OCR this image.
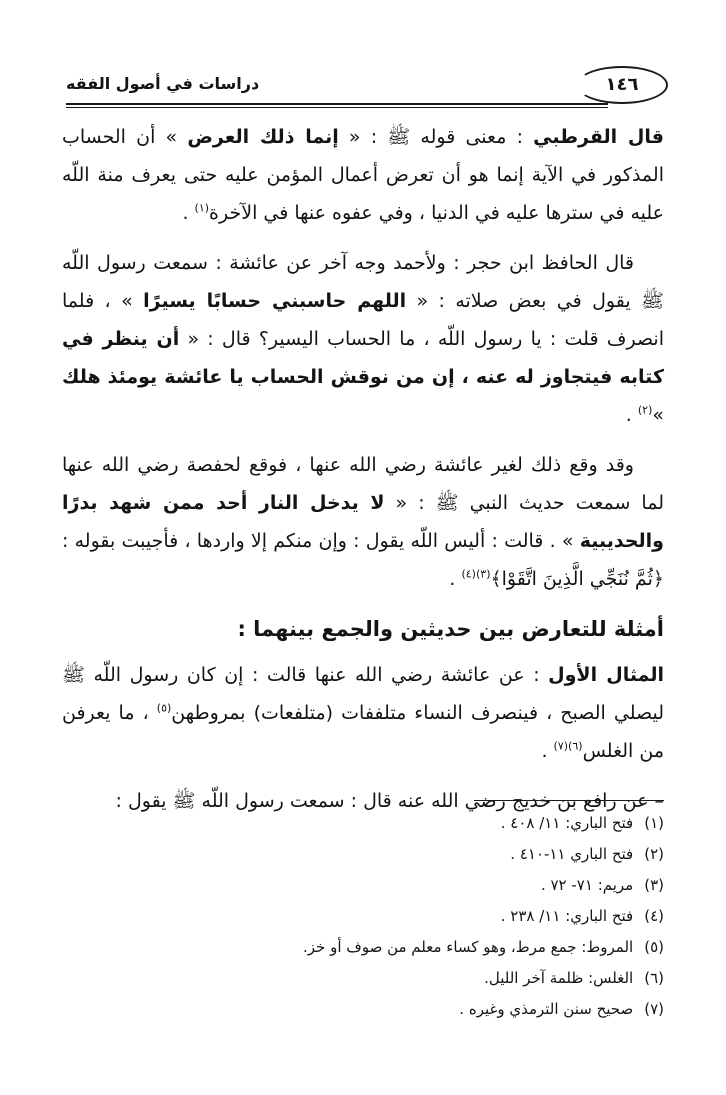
١٤٦
دراسات في أصول الفقه

قال القرطبي : معنى قوله ﷺ : « إنما ذلك العرض » أن الحساب المذكور في الآية إنما هو أن تعرض أعمال المؤمن عليه حتى يعرف منة اللّه عليه في سترها عليه في الدنيا ، وفي عفوه عنها في الآخرة$^{(١)}$ .

قال الحافظ ابن حجر : ولأحمد وجه آخر عن عائشة : سمعت رسول اللّه ﷺ يقول في بعض صلاته : « اللهم حاسبني حسابًا يسيرًا » ، فلما انصرف قلت : يا رسول اللّه ، ما الحساب اليسير؟ قال : « أن ينظر في كتابه فيتجاوز له عنه ، إن من نوقش الحساب يا عائشة يومئذ هلك »$^{(٢)}$ .

وقد وقع ذلك لغير عائشة رضي الله عنها ، فوقع لحفصة رضي الله عنها لما سمعت حديث النبي ﷺ : « لا يدخل النار أحد ممن شهد بدرًا والحديبية » . قالت : أليس اللّه يقول : وإن منكم إلا واردها ، فأجيبت بقوله : ﴿ثُمَّ نُنَجِّي الَّذِينَ اتَّقَوْا﴾$^{(٣)(٤)}$ .

أمثلة للتعارض بين حديثين والجمع بينهما :

المثال الأول : عن عائشة رضي الله عنها قالت : إن كان رسول اللّه ﷺ ليصلي الصبح ، فينصرف النساء متلففات (متلفعات) بمروطهن$^{(٥)}$ ، ما يعرفن من الغلس$^{(٦)(٧)}$ .

– عن رافع بن خديج رضي الله عنه قال : سمعت رسول اللّه ﷺ يقول :

(١) فتح الباري: ١١/ ٤٠٨ .

(٢) فتح الباري ١١-٤١٠ .

(٣) مريم: ٧١- ٧٢ .

(٤) فتح الباري: ١١/ ٢٣٨ .

(٥) المروط: جمع مرط، وهو كساء معلم من صوف أو خز.

(٦) الغلس: ظلمة آخر الليل.

(٧) صحيح سنن الترمذي وغيره .
